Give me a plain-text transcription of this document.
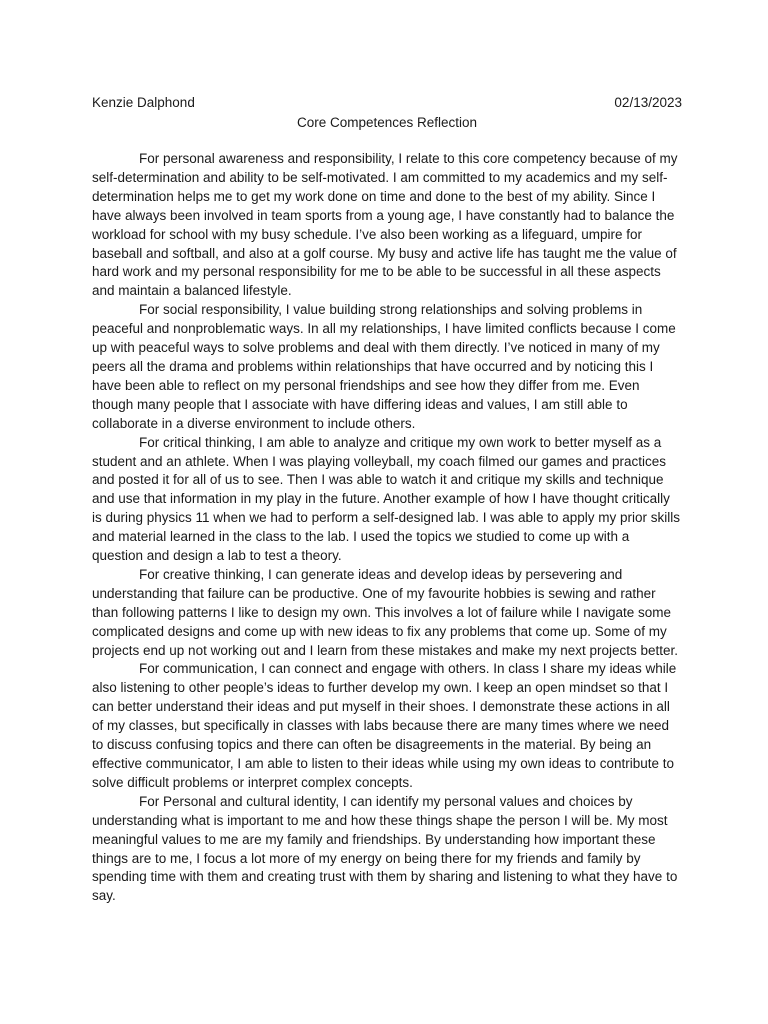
Kenzie Dalphond	02/13/2023
Core Competences Reflection

For personal awareness and responsibility, I relate to this core competency because of my self-determination and ability to be self-motivated. I am committed to my academics and my self-determination helps me to get my work done on time and done to the best of my ability. Since I have always been involved in team sports from a young age, I have constantly had to balance the workload for school with my busy schedule. I’ve also been working as a lifeguard, umpire for baseball and softball, and also at a golf course. My busy and active life has taught me the value of hard work and my personal responsibility for me to be able to be successful in all these aspects and maintain a balanced lifestyle.

For social responsibility, I value building strong relationships and solving problems in peaceful and nonproblematic ways. In all my relationships, I have limited conflicts because I come up with peaceful ways to solve problems and deal with them directly. I’ve noticed in many of my peers all the drama and problems within relationships that have occurred and by noticing this I have been able to reflect on my personal friendships and see how they differ from me. Even though many people that I associate with have differing ideas and values, I am still able to collaborate in a diverse environment to include others.

For critical thinking, I am able to analyze and critique my own work to better myself as a student and an athlete. When I was playing volleyball, my coach filmed our games and practices and posted it for all of us to see. Then I was able to watch it and critique my skills and technique and use that information in my play in the future. Another example of how I have thought critically is during physics 11 when we had to perform a self-designed lab. I was able to apply my prior skills and material learned in the class to the lab. I used the topics we studied to come up with a question and design a lab to test a theory.

For creative thinking, I can generate ideas and develop ideas by persevering and understanding that failure can be productive. One of my favourite hobbies is sewing and rather than following patterns I like to design my own. This involves a lot of failure while I navigate some complicated designs and come up with new ideas to fix any problems that come up. Some of my projects end up not working out and I learn from these mistakes and make my next projects better.

For communication, I can connect and engage with others. In class I share my ideas while also listening to other people’s ideas to further develop my own. I keep an open mindset so that I can better understand their ideas and put myself in their shoes. I demonstrate these actions in all of my classes, but specifically in classes with labs because there are many times where we need to discuss confusing topics and there can often be disagreements in the material. By being an effective communicator, I am able to listen to their ideas while using my own ideas to contribute to solve difficult problems or interpret complex concepts.

For Personal and cultural identity, I can identify my personal values and choices by understanding what is important to me and how these things shape the person I will be. My most meaningful values to me are my family and friendships. By understanding how important these things are to me, I focus a lot more of my energy on being there for my friends and family by spending time with them and creating trust with them by sharing and listening to what they have to say.
